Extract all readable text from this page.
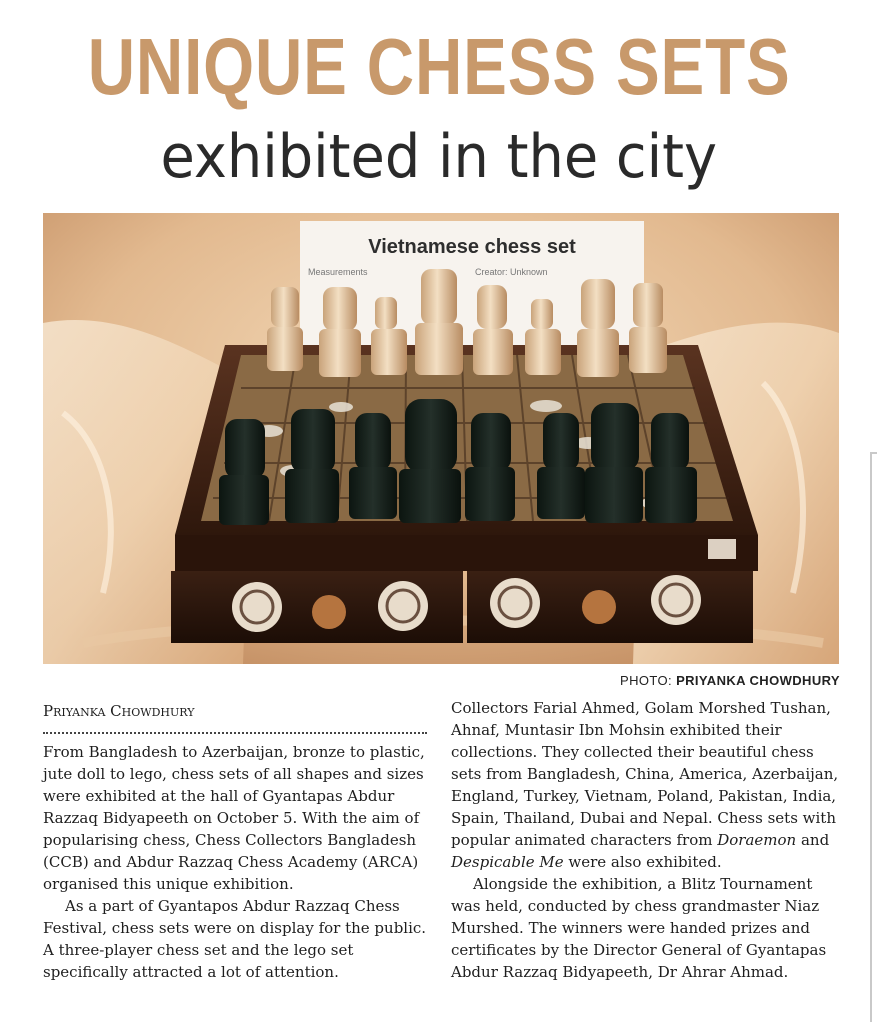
UNIQUE CHESS SETS
exhibited in the city
Vietnamese chess set
Measurements	Creator: Unknown
PHOTO: PRIYANKA CHOWDHURY
Priyanka Chowdhury

From Bangladesh to Azerbaijan, bronze to plastic, jute doll to lego, chess sets of all shapes and sizes were exhibited at the hall of Gyantapas Abdur Razzaq Bidyapeeth on October 5. With the aim of popularising chess, Chess Collectors Bangladesh (CCB) and Abdur Razzaq Chess Academy (ARCA) organised this unique exhibition.

As a part of Gyantapos Abdur Razzaq Chess Festival, chess sets were on display for the public. A three-player chess set and the lego set specifically attracted a lot of attention.

Collectors Farial Ahmed, Golam Morshed Tushan, Ahnaf, Muntasir Ibn Mohsin exhibited their collections. They collected their beautiful chess sets from Bangladesh, China, America, Azerbaijan, England, Turkey, Vietnam, Poland, Pakistan, India, Spain, Thailand, Dubai and Nepal. Chess sets with popular animated characters from Doraemon and Despicable Me were also exhibited.

Alongside the exhibition, a Blitz Tournament was held, conducted by chess grandmaster Niaz Murshed. The winners were handed prizes and certificates by the Director General of Gyantapas Abdur Razzaq Bidyapeeth, Dr Ahrar Ahmad.
